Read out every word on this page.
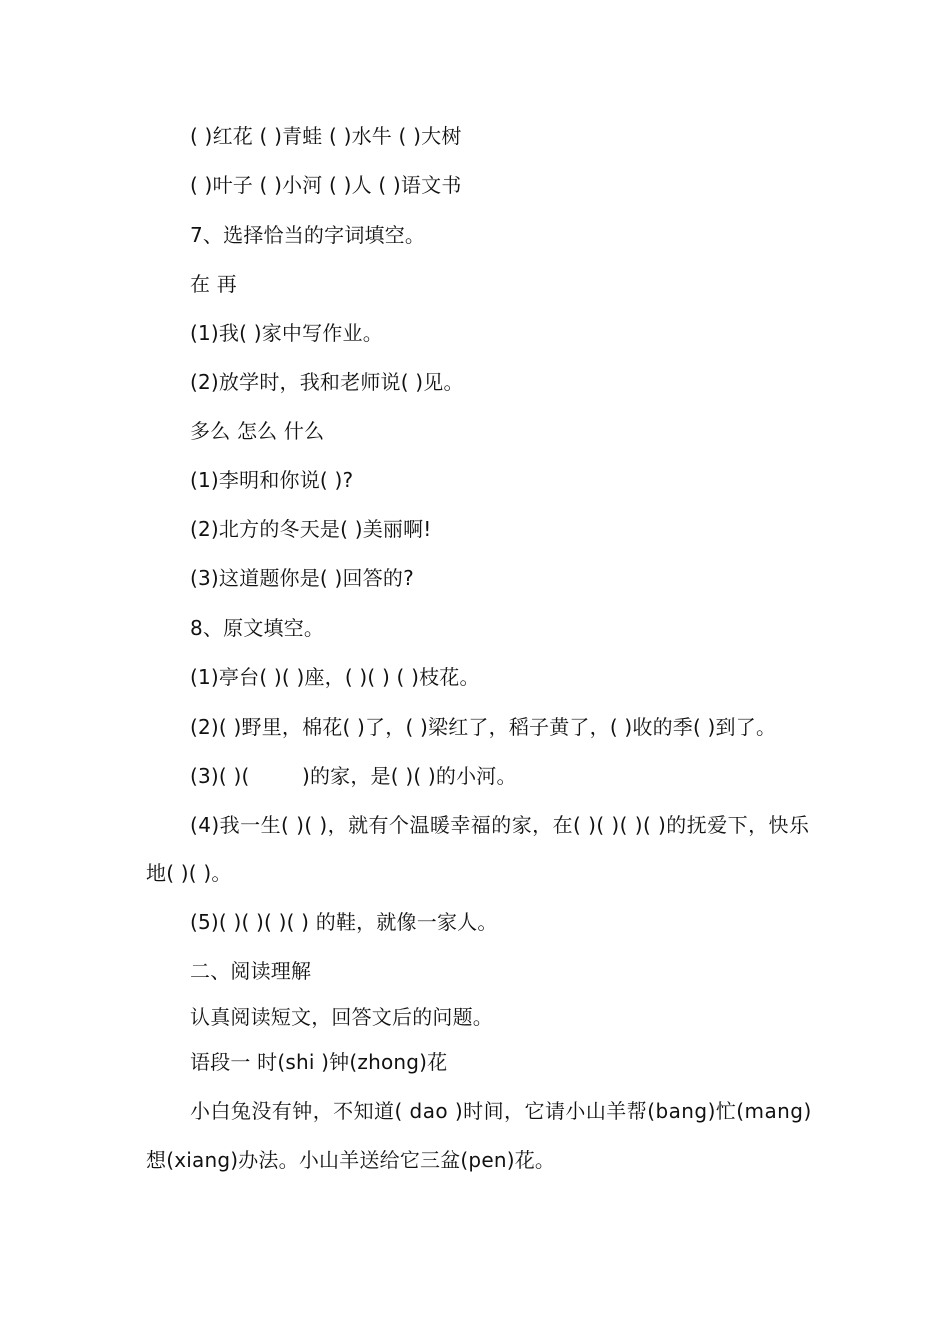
( )红花 ( )青蛙 ( )水牛 ( )大树
( )叶子 ( )小河 ( )人 ( )语文书
7、选择恰当的字词填空。
在 再
(1)我( )家中写作业。
(2)放学时，我和老师说( )见。
多么 怎么 什么
(1)李明和你说( )?
(2)北方的冬天是( )美丽啊!
(3)这道题你是( )回答的?
8、原文填空。
(1)亭台( )( )座，( )( ) ( )枝花。
(2)( )野里，棉花( )了，( )梁红了，稻子黄了，( )收的季( )到了。
(3)( )(        )的家，是( )( )的小河。
(4)我一生( )( )，就有个温暖幸福的家，在( )( )( )( )的抚爱下，快乐
地( )( )。
(5)( )( )( )( ) 的鞋，就像一家人。
二、阅读理解
认真阅读短文，回答文后的问题。
语段一 时(shi )钟(zhong)花
小白兔没有钟，不知道( dao )时间，它请小山羊帮(bang)忙(mang)
想(xiang)办法。小山羊送给它三盆(pen)花。
